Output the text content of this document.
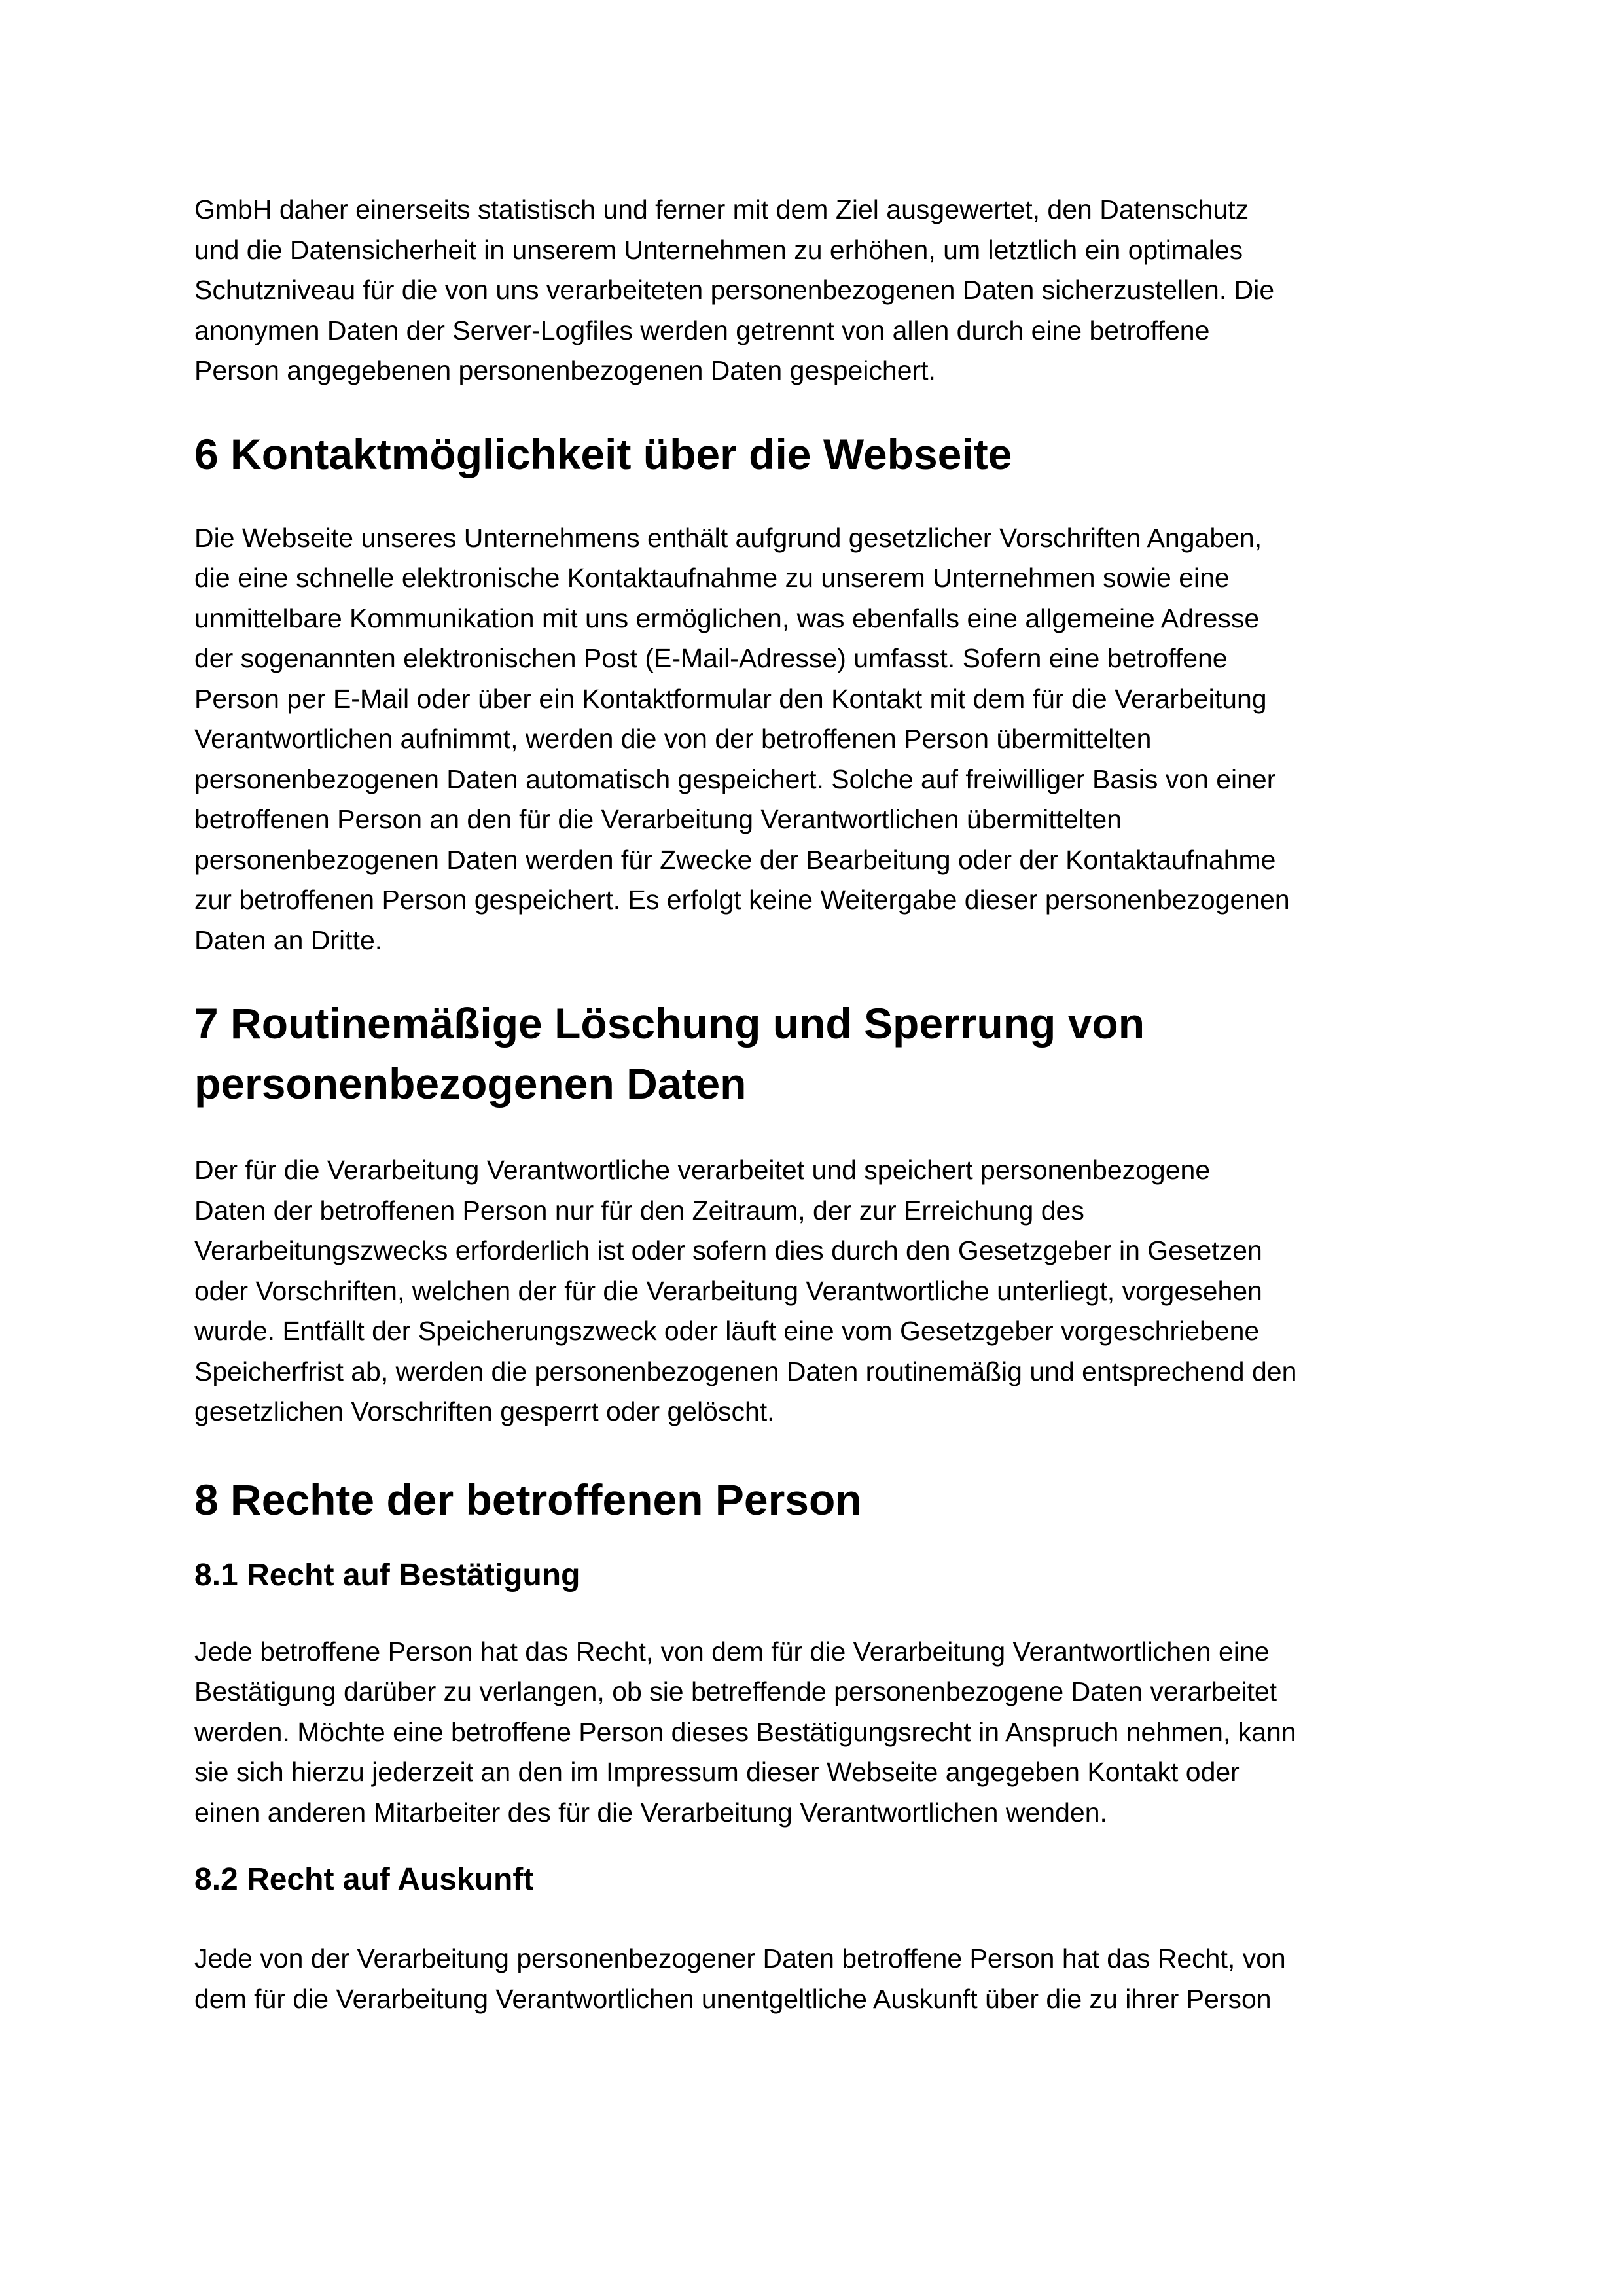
GmbH daher einerseits statistisch und ferner mit dem Ziel ausgewertet, den Datenschutz
und die Datensicherheit in unserem Unternehmen zu erhöhen, um letztlich ein optimales
Schutzniveau für die von uns verarbeiteten personenbezogenen Daten sicherzustellen. Die
anonymen Daten der Server-Logfiles werden getrennt von allen durch eine betroffene
Person angegebenen personenbezogenen Daten gespeichert.

6 Kontaktmöglichkeit über die Webseite

Die Webseite unseres Unternehmens enthält aufgrund gesetzlicher Vorschriften Angaben,
die eine schnelle elektronische Kontaktaufnahme zu unserem Unternehmen sowie eine
unmittelbare Kommunikation mit uns ermöglichen, was ebenfalls eine allgemeine Adresse
der sogenannten elektronischen Post (E-Mail-Adresse) umfasst. Sofern eine betroffene
Person per E-Mail oder über ein Kontaktformular den Kontakt mit dem für die Verarbeitung
Verantwortlichen aufnimmt, werden die von der betroffenen Person übermittelten
personenbezogenen Daten automatisch gespeichert. Solche auf freiwilliger Basis von einer
betroffenen Person an den für die Verarbeitung Verantwortlichen übermittelten
personenbezogenen Daten werden für Zwecke der Bearbeitung oder der Kontaktaufnahme
zur betroffenen Person gespeichert. Es erfolgt keine Weitergabe dieser personenbezogenen
Daten an Dritte.

7 Routinemäßige Löschung und Sperrung von
personenbezogenen Daten

Der für die Verarbeitung Verantwortliche verarbeitet und speichert personenbezogene
Daten der betroffenen Person nur für den Zeitraum, der zur Erreichung des
Verarbeitungszwecks erforderlich ist oder sofern dies durch den Gesetzgeber in Gesetzen
oder Vorschriften, welchen der für die Verarbeitung Verantwortliche unterliegt, vorgesehen
wurde. Entfällt der Speicherungszweck oder läuft eine vom Gesetzgeber vorgeschriebene
Speicherfrist ab, werden die personenbezogenen Daten routinemäßig und entsprechend den
gesetzlichen Vorschriften gesperrt oder gelöscht.

8 Rechte der betroffenen Person
8.1 Recht auf Bestätigung

Jede betroffene Person hat das Recht, von dem für die Verarbeitung Verantwortlichen eine
Bestätigung darüber zu verlangen, ob sie betreffende personenbezogene Daten verarbeitet
werden. Möchte eine betroffene Person dieses Bestätigungsrecht in Anspruch nehmen, kann
sie sich hierzu jederzeit an den im Impressum dieser Webseite angegeben Kontakt oder
einen anderen Mitarbeiter des für die Verarbeitung Verantwortlichen wenden.

8.2 Recht auf Auskunft

Jede von der Verarbeitung personenbezogener Daten betroffene Person hat das Recht, von
dem für die Verarbeitung Verantwortlichen unentgeltliche Auskunft über die zu ihrer Person
